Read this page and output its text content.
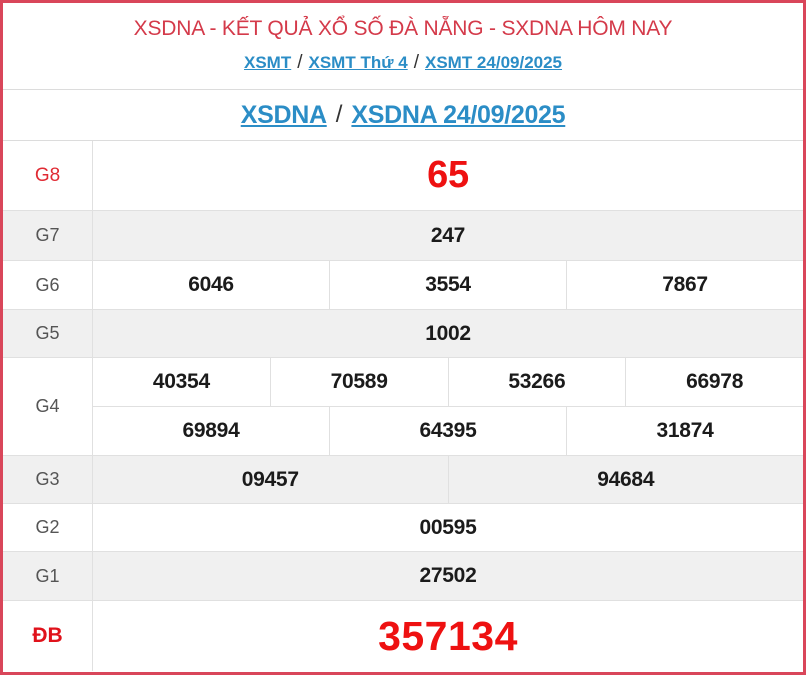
XSDNA - KẾT QUẢ XỔ SỐ ĐÀ NẴNG - SXDNA HÔM NAY
XSMT / XSMT Thứ 4 / XSMT 24/09/2025
XSDNA / XSDNA 24/09/2025
G8	65
G7	247
G6	6046	3554	7867
G5	1002
G4
40354	70589	53266	66978
69894	64395	31874
G3	09457	94684
G2	00595
G1	27502
ĐB	357134
